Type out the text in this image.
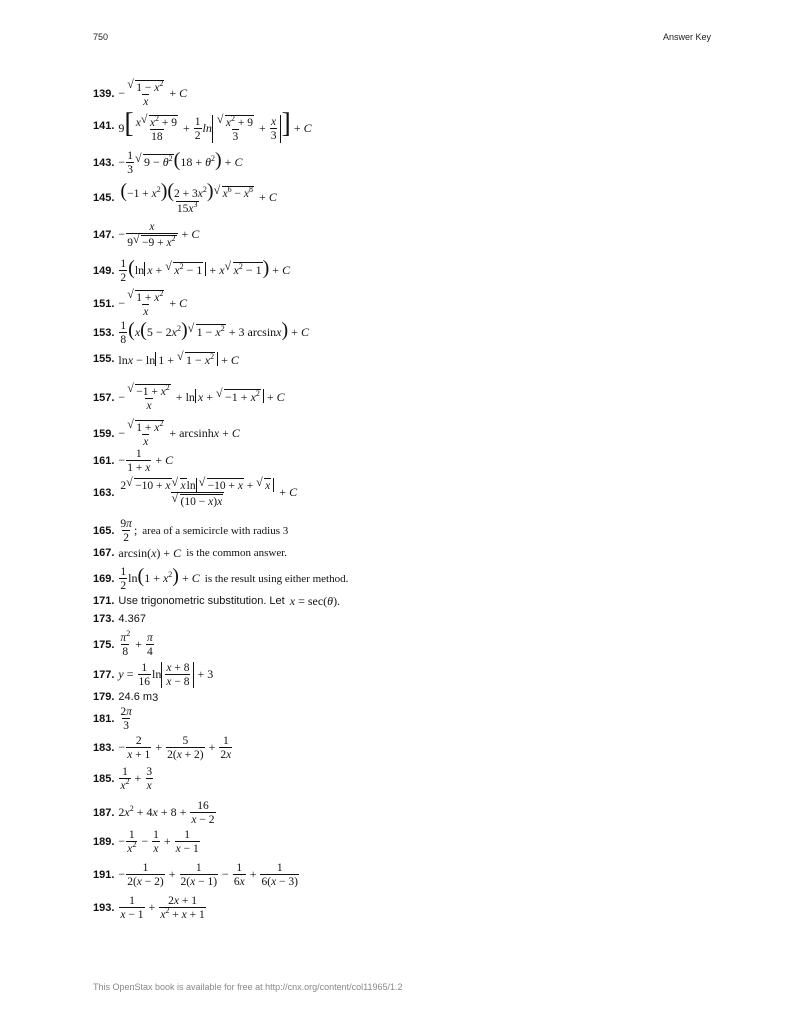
750	Answer Key
139. −
√ $\frac{1 - x^2}{x} + C$
141. $9[ \frac{x√ x^2 + 9}{18} + \frac{1}{2}$ ln
√ $\frac{x^2 + 9}{3} + \frac{x}{3}$ ] + C
143. − $\frac{1}{3}$
√ $9 - \theta^2(18 + \theta^2) + C$
145. $\frac{(-1 + x^2)(2 + 3x^2)√ x^6 - x^8}{15x^3} + C$
147. − $\frac{x}{9√ -9 + x^2} + C$
149. $\frac{1}{2} (\ln$ x + √ $x^2 - 1 + x√$ $x^2 - 1) + C$
151. −
√ $\frac{1 + x^2}{x} + C$
153. $\frac{1}{8} (x(5 - 2x^2)√$ $1 - x^2 + 3$ arcsinx) + C
155. lnx − ln 1 + √ $1 - x^2 + C$
157. −
√ $\frac{-1 + x^2}{x} + \ln x$ + √ $-1 + x^2 + C$
159. −
√ $\frac{1 + x^2}{x} + arcsinhx + C$
161. − $\frac{1}{1 + x} + C$
163. 2√ −10 + x√ xln√ −10 + x + √ x
√ (10 − x)x + C
165. $\frac{9\pi}{2}$ ; area of a semicircle with radius 3
167. arcsin(x) + C is the common answer.
169. $\frac{1}{2} \ln(1 + x^2) + C$ is the result using either method.
171. Use trigonometric substitution. Let x = sec(θ).
173. 4.367
175. $\frac{\pi^2}{8} + \frac{\pi}{4}$
177. $y = \frac{1}{16}$ $\ln \frac{x + 8}{x - 8} + 3$
179. 24.6 m 3
181. $\frac{2\pi}{3}$
183. − $\frac{2}{x + 1} + \frac{5}{2(x + 2)} + \frac{1}{2x}$
185. $\frac{1}{x^2} + \frac{3}{x}$
187. $2x^2 + 4x + 8 + \frac{16}{x - 2}$
189. − $\frac{1}{x^2} - \frac{1}{x} + \frac{1}{x - 1}$
191. − $\frac{1}{2(x - 2)} + \frac{1}{2(x - 1)} - \frac{1}{6x} + \frac{1}{6(x - 3)}$
193. $\frac{1}{x - 1} + \frac{2x + 1}{x^2 + x + 1}$
This OpenStax book is available for free at http://cnx.org/content/col11965/1.2
